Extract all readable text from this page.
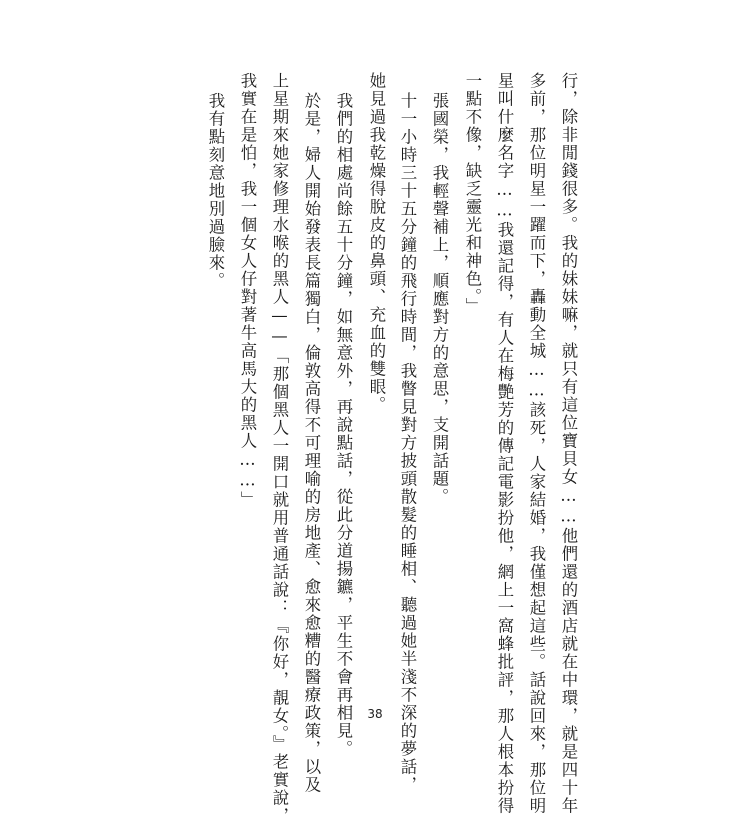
行，除非閒錢很多。我的妹妹嘛，就只有這位寶貝女……他們還的酒店就在中環，就是四十年
多前，那位明星一躍而下，轟動全城……該死，人家結婚，我僅想起這些。話說回來，那位明
星叫什麼名字……我還記得，有人在梅艷芳的傳記電影扮他，網上一窩蜂批評，那人根本扮得
一點不像，缺乏靈光和神色。」
張國榮，我輕聲補上，順應對方的意思，支開話題。
十一小時三十五分鐘的飛行時間，我瞥見對方披頭散髮的睡相、聽過她半淺不深的夢話，
她見過我乾燥得脫皮的鼻頭、充血的雙眼。
我們的相處尚餘五十分鐘，如無意外，再說點話，從此分道揚鑣，平生不會再相見。
於是，婦人開始發表長篇獨白，倫敦高得不可理喻的房地產、愈來愈糟的醫療政策，以及
上星期來她家修理水喉的黑人——「那個黑人一開口就用普通話說：『你好，靚女。』老實說，
我實在是怕，我一個女人仔對著牛高馬大的黑人……」
我有點刻意地別過臉來。
38
